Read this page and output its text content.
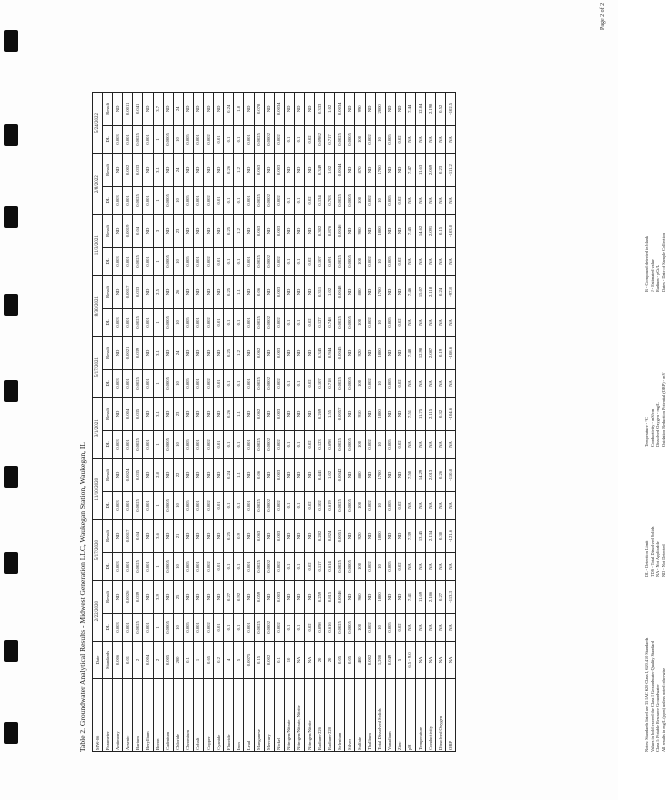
Page 2 of 2
Table 2. Groundwater Analytical Results - Midwest Generation LLC, Waukegan Station, Waukegan, IL MW-06	Date	2/22/2020		5/17/2020		11/10/2020		3/1/2021		5/17/2021		8/30/2021		11/3/2021		2/8/2022		5/24/2022	
Parameter	Standards	DL	Result	DL	Result	DL	Result	DL	Result	DL	Result	DL	Result	DL	Result	DL	Result	DL	Result
Antimony	0.006	0.003	ND	0.003	ND	0.003	ND	0.003	ND	0.003	ND	0.003	ND	0.003	ND	0.003	ND	0.003	ND
Arsenic	0.01	0.001	0.0026	0.001	0.0017	0.001	0.0024	0.001	0.004	0.001	0.0021	0.001	0.0017	0.001	0.0019	0.001	0.002	0.001	0.0011
Barium	2	0.0025	0.039	0.0025	0.04	0.0025	0.035	0.0025	0.035	0.0025	0.039	0.0025	0.033	0.0025	0.04	0.0025	0.033	0.0025	0.041
Beryllium	0.004	0.001	ND	0.001	ND	0.001	ND	0.001	ND	0.001	ND	0.001	ND	0.001	ND	0.001	ND	0.001	ND
Boron	2	1	3.9	1	3.6	1	2.8	1	3.1	1	3.1	1	2.5	1	3	1	3.1	1	3.7
Cadmium	0.005	0.0005	ND	0.0005	ND	0.0005	ND	0.0005	ND	0.0005	ND	0.0005	ND	0.0005	ND	0.0005	ND	0.0005	ND
Chloride	200	10	25	10	21	10	22	10	23	10	24	10	26	10	23	10	24	10	24
Chromium	0.1	0.005	ND	0.005	ND	0.005	ND	0.005	ND	0.005	ND	0.005	ND	0.005	ND	0.005	ND	0.005	ND
Cobalt	1	0.001	ND	0.001	ND	0.001	ND	0.001	ND	0.001	ND	0.001	ND	0.001	ND	0.001	ND	0.001	ND
Copper	0.65	0.002	ND	0.002	ND	0.002	ND	0.002	ND	0.002	ND	0.002	ND	0.002	ND	0.002	ND	0.002	ND
Cyanide	0.2	0.01	ND	0.01	ND	0.01	ND	0.01	ND	0.01	ND	0.01	ND	0.01	ND	0.01	ND	0.01	ND
Fluoride	4	0.1	0.27	0.1	0.25	0.1	0.24	0.1	0.26	0.1	0.25	0.1	0.25	0.1	0.25	0.1	0.26	0.1	0.24
Iron	5	0.1	0.92	0.1	0.9	0.1	1.1	0.1	1.1	0.1	1.2	0.1	1.1	0.1	1.2	0.1	1.2	0.1	1.8
Lead	0.0075	0.001	ND	0.001	ND	0.001	ND	0.001	ND	0.001	ND	0.001	ND	0.001	ND	0.001	ND	0.001	ND
Manganese	0.15	0.0025	0.059	0.0025	0.063	0.0025	0.06	0.0025	0.062	0.0025	0.062	0.0025	0.06	0.0025	0.063	0.0025	0.063	0.0025	0.078
Mercury	0.002	0.0002	ND	0.0002	ND	0.0002	ND	0.0002	ND	0.0002	ND	0.0002	ND	0.0002	ND	0.0002	ND	0.0002	ND
Nickel	0.1	0.002	0.003	0.002	0.003	0.002	0.003	0.002	0.003	0.002	0.003	0.002	0.003	0.002	0.003	0.002	0.003	0.002	0.0034
Nitrogen/Nitrate	10	0.1	ND	0.1	ND	0.1	ND	0.1	ND	0.1	ND	0.1	ND	0.1	ND	0.1	ND	0.1	ND
Nitrogen/Nitrate, Nitrite	NA	0.1	ND	0.1	ND	0.1	ND	0.1	ND	0.1	ND	0.1	ND	0.1	ND	0.1	ND	0.1	ND
Nitrogen/Nitrite	NA	0.02	ND	0.02	ND	0.02	ND	0.02	ND	0.02	ND	0.02	ND	0.02	ND	0.02	ND	0.02	ND
Radium-226	20	0.098	0.259	0.117	0.282	0.102	0.441	0.123	0.269	0.107	0.345	0.127	0.311	0.107	0.302	0.134	0.349	0.0982	0.333
Radium-228	20	0.616	0.815	0.614	0.824	0.619	1.02	0.698	1.55	0.718	0.944	0.748	1.02	0.691	0.876	0.703	1.02	0.717	1.02
Selenium	0.05	0.0025	0.0046	0.0025	0.0051	0.0025	0.0042	0.0025	0.0057	0.0025	0.0045	0.0025	0.0048	0.0025	0.0046	0.0025	0.0044	0.0025	0.0034
Silver	0.05	0.0005	ND	0.0005	ND	0.0005	ND	0.0005	ND	0.0005	ND	0.0005	ND	0.0005	ND	0.0005	ND	0.0005	ND
Sulfate	400	100	960	100	920	100	880	100	910	100	920	100	880	100	900	100	870	100	990
Thallium	0.002	0.002	ND	0.002	ND	0.002	ND	0.002	ND	0.002	ND	0.002	ND	0.002	ND	0.002	ND	0.002	ND
Total Dissolved Solids	1,200	10	1800	10	1800	10	1700	10	1800	10	1800	10	1700	10	1800	10	1700	10	2000
Vanadium	0.049	0.005	ND	0.005	ND	0.005	ND	0.005	ND	0.005	ND	0.005	ND	0.005	ND	0.005	ND	0.005	ND
Zinc	5	0.02	ND	0.02	ND	0.02	ND	0.02	ND	0.02	ND	0.02	ND	0.02	ND	0.02	ND	0.02	ND
pH	6.5 - 9.0	NA	7.41	NA	7.39	NA	7.50	NA	7.51	NA	7.48	NA	7.46	NA	7.45	NA	7.47	NA	7.44
Temperature	NA	NA	11.69	NA	13.45	NA	14.29	NA	11.75	NA	12.98	NA	15.07	NA	14.62	NA	11.63	NA	12.84
Conductivity	NA	NA	2.186	NA	2.134	NA	2.013	NA	2.115	NA	2.087	NA	2.118	NA	2.091	NA	2.069	NA	2.198
Dissolved Oxygen	NA	NA	0.27	NA	0.30	NA	0.26	NA	0.32	NA	0.19	NA	0.24	NA	0.15	NA	0.23	NA	0.52
ORP	NA	NA	-113.3	NA	-121.6	NA	-110.8	NA	-104.6	NA	-108.6	NA	-97.8	NA	-103.0	NA	-111.2	NA	-102.5
Notes: Standards listed are 35 IAC 620 Class I, 620.410 Standards Values in bold exceed the Class I Groundwater Quality Standard Class I: Potable Resource Groundwater All results in mg/L (ppm) unless noted otherwise
DL - Detection Limit TDS - Total Dissolved Solids NA - Not Applicable ND - Not Detected
Temperature - °C Conductivity - mS/cm Dissolved Oxygen - mg/L Oxidation Reduction Potential (ORP) - mV
B - Compound detected in blank J - Estimated value Radium - pCi/L Dates - Date of Sample Collection
